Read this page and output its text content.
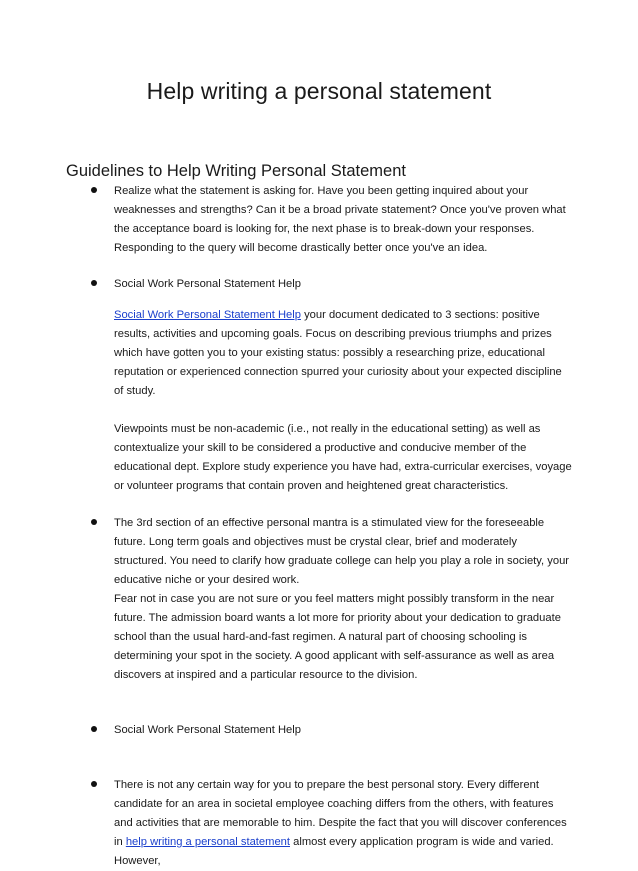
Help writing a personal statement
Guidelines to Help Writing Personal Statement

Realize what the statement is asking for. Have you been getting inquired about your weaknesses and strengths? Can it be a broad private statement? Once you've proven what the acceptance board is looking for, the next phase is to break-down your responses. Responding to the query will become drastically better once you've an idea.

Social Work Personal Statement Help

Social Work Personal Statement Help your document dedicated to 3 sections: positive results, activities and upcoming goals. Focus on describing previous triumphs and prizes which have gotten you to your existing status: possibly a researching prize, educational reputation or experienced connection spurred your curiosity about your expected discipline of study.

Viewpoints must be non-academic (i.e., not really in the educational setting) as well as contextualize your skill to be considered a productive and conducive member of the educational dept. Explore study experience you have had, extra-curricular exercises, voyage or volunteer programs that contain proven and heightened great characteristics.

The 3rd section of an effective personal mantra is a stimulated view for the foreseeable future. Long term goals and objectives must be crystal clear, brief and moderately structured. You need to clarify how graduate college can help you play a role in society, your educative niche or your desired work.

Fear not in case you are not sure or you feel matters might possibly transform in the near future. The admission board wants a lot more for priority about your dedication to graduate school than the usual hard-and-fast regimen. A natural part of choosing schooling is determining your spot in the society. A good applicant with self-assurance as well as area discovers at inspired and a particular resource to the division.

Social Work Personal Statement Help

There is not any certain way for you to prepare the best personal story. Every different candidate for an area in societal employee coaching differs from the others, with features and activities that are memorable to him. Despite the fact that you will discover conferences in help writing a personal statement almost every application program is wide and varied. However,
